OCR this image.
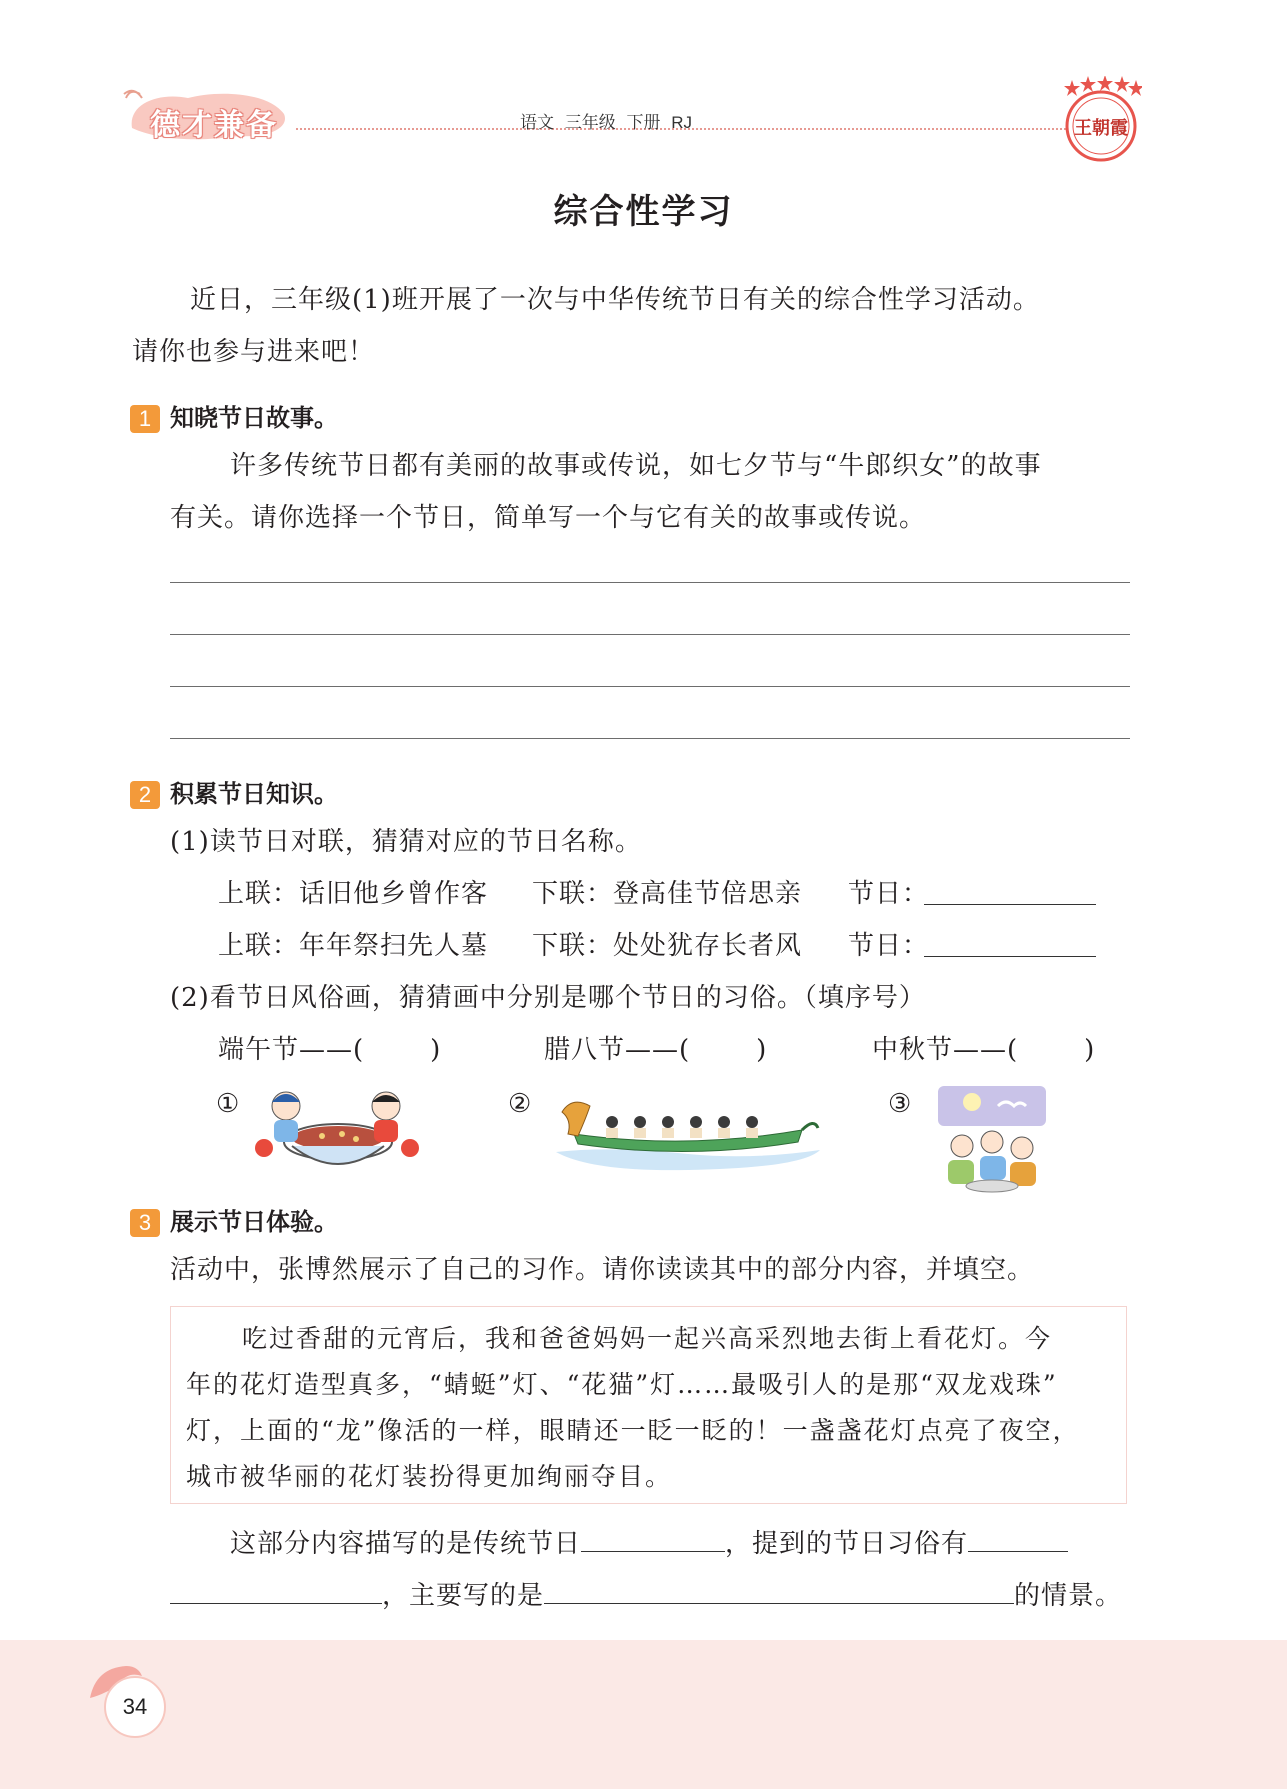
德才兼备	语文 三年级 下册 RJ	王朝霞
综合性学习
近日，三年级(1)班开展了一次与中华传统节日有关的综合性学习活动。
请你也参与进来吧！
1 知晓节日故事。
许多传统节日都有美丽的故事或传说，如七夕节与“牛郎织女”的故事
有关。请你选择一个节日，简单写一个与它有关的故事或传说。
2 积累节日知识。
(1)读节日对联，猜猜对应的节日名称。
上联：话旧他乡曾作客 下联：登高佳节倍思亲 节日：
上联：年年祭扫先人墓 下联：处处犹存长者风 节日：
(2)看节日风俗画，猜猜画中分别是哪个节日的习俗。（填序号）
端午节——(	)	腊八节——(	)	中秋节——(	)
①	②	③
3 展示节日体验。
活动中，张博然展示了自己的习作。请你读读其中的部分内容，并填空。
吃过香甜的元宵后，我和爸爸妈妈一起兴高采烈地去街上看花灯。今
年的花灯造型真多，“蜻蜓”灯、“花猫”灯……最吸引人的是那“双龙戏珠”
灯，上面的“龙”像活的一样，眼睛还一眨一眨的！一盏盏花灯点亮了夜空，
城市被华丽的花灯装扮得更加绚丽夺目。
这部分内容描写的是传统节日	，提到的节日习俗有
，主要写的是	的情景。
34
